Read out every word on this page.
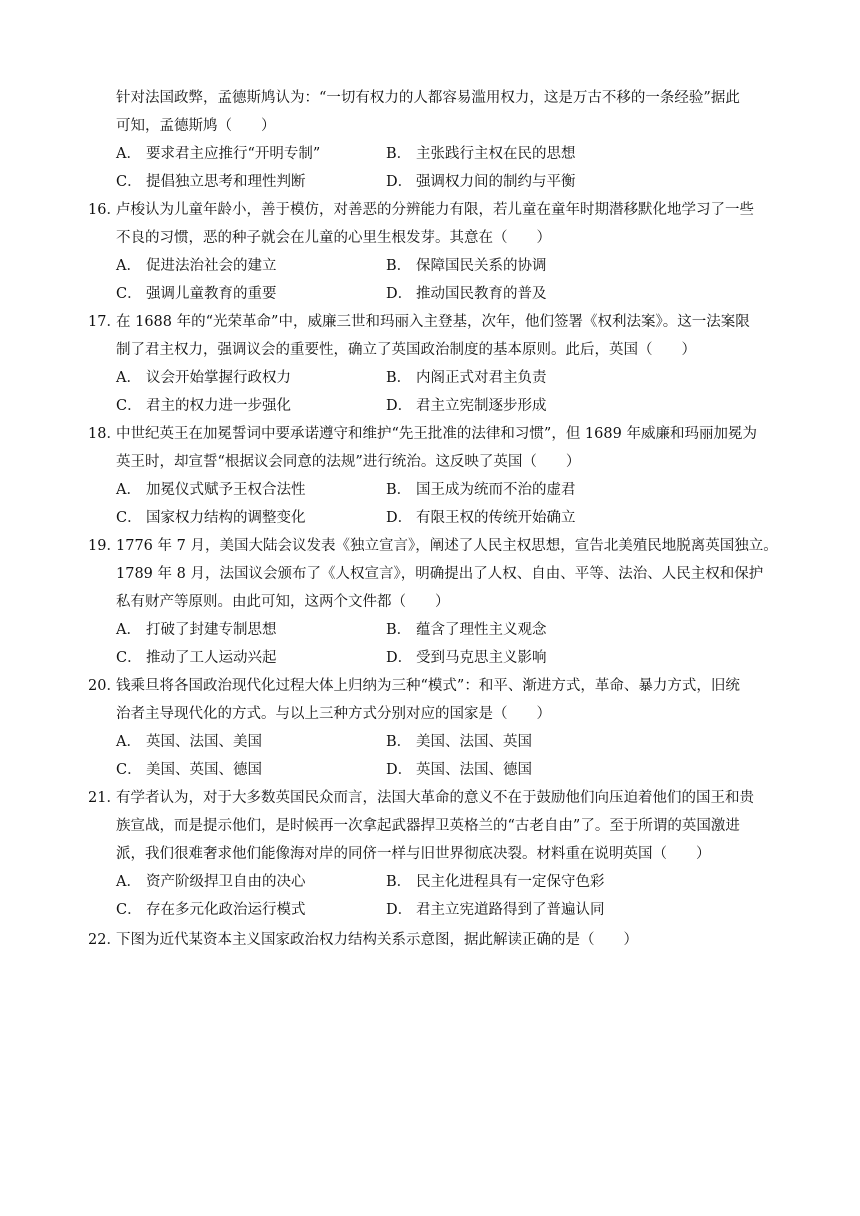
针对法国政弊，孟德斯鸠认为：“一切有权力的人都容易滥用权力，这是万古不移的一条经验”据此
可知，孟德斯鸠（　　）
A． 要求君主应推行“开明专制”	B． 主张践行主权在民的思想
C． 提倡独立思考和理性判断	D． 强调权力间的制约与平衡
16．卢梭认为儿童年龄小，善于模仿，对善恶的分辨能力有限，若儿童在童年时期潜移默化地学习了一些
不良的习惯，恶的种子就会在儿童的心里生根发芽。其意在（　　）
A． 促进法治社会的建立	B． 保障国民关系的协调
C． 强调儿童教育的重要	D． 推动国民教育的普及
17．在 1688 年的“光荣革命”中，威廉三世和玛丽入主登基，次年，他们签署《权利法案》。这一法案限
制了君主权力，强调议会的重要性，确立了英国政治制度的基本原则。此后，英国（　　）
A． 议会开始掌握行政权力	B． 内阁正式对君主负责
C． 君主的权力进一步强化	D． 君主立宪制逐步形成
18．中世纪英王在加冕誓词中要承诺遵守和维护“先王批准的法律和习惯”，但 1689 年威廉和玛丽加冕为
英王时，却宣誓“根据议会同意的法规”进行统治。这反映了英国（　　）
A． 加冕仪式赋予王权合法性	B． 国王成为统而不治的虚君
C． 国家权力结构的调整变化	D． 有限王权的传统开始确立
19．1776 年 7 月，美国大陆会议发表《独立宣言》，阐述了人民主权思想，宣告北美殖民地脱离英国独立。
1789 年 8 月，法国议会颁布了《人权宣言》，明确提出了人权、自由、平等、法治、人民主权和保护
私有财产等原则。由此可知，这两个文件都（　　）
A． 打破了封建专制思想	B． 蕴含了理性主义观念
C． 推动了工人运动兴起	D． 受到马克思主义影响
20．钱乘旦将各国政治现代化过程大体上归纳为三种“模式”：和平、渐进方式，革命、暴力方式，旧统
治者主导现代化的方式。与以上三种方式分别对应的国家是（　　）
A． 英国、法国、美国	B． 美国、法国、英国
C． 美国、英国、德国	D． 英国、法国、德国
21．有学者认为，对于大多数英国民众而言，法国大革命的意义不在于鼓励他们向压迫着他们的国王和贵
族宣战，而是提示他们，是时候再一次拿起武器捍卫英格兰的“古老自由”了。至于所谓的英国激进
派，我们很难奢求他们能像海对岸的同侪一样与旧世界彻底决裂。材料重在说明英国（　　）
A． 资产阶级捍卫自由的决心	B． 民主化进程具有一定保守色彩
C． 存在多元化政治运行模式	D． 君主立宪道路得到了普遍认同
22．下图为近代某资本主义国家政治权力结构关系示意图，据此解读正确的是（　　）
